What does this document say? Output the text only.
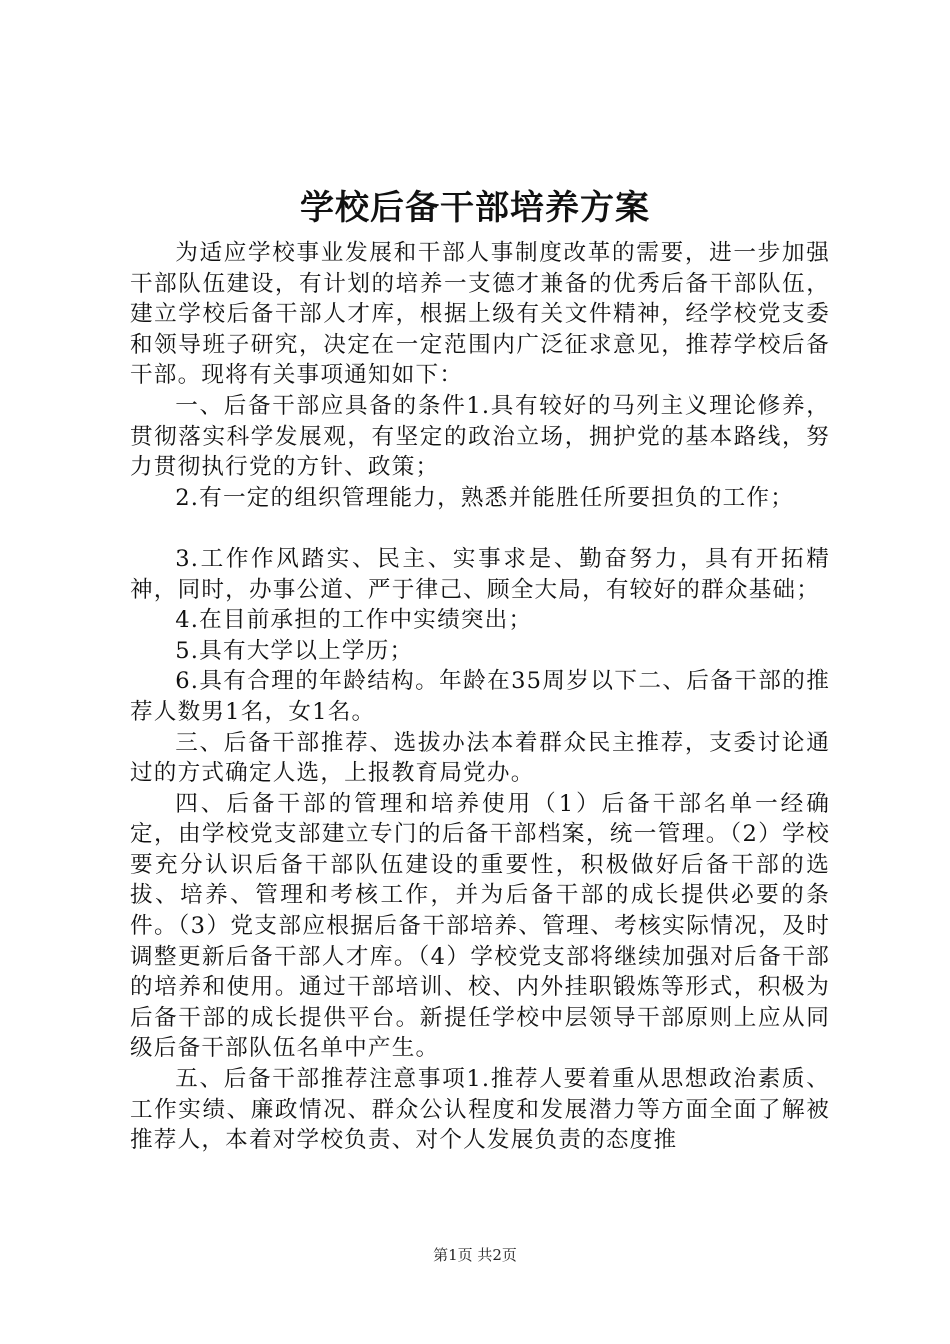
学校后备干部培养方案

为适应学校事业发展和干部人事制度改革的需要，进一步加强干部队伍建设，有计划的培养一支德才兼备的优秀后备干部队伍，建立学校后备干部人才库，根据上级有关文件精神，经学校党支委和领导班子研究，决定在一定范围内广泛征求意见，推荐学校后备干部。现将有关事项通知如下：

一、后备干部应具备的条件1.具有较好的马列主义理论修养，贯彻落实科学发展观，有坚定的政治立场，拥护党的基本路线，努力贯彻执行党的方针、政策；

2.有一定的组织管理能力，熟悉并能胜任所要担负的工作；

3.工作作风踏实、民主、实事求是、勤奋努力，具有开拓精神，同时，办事公道、严于律己、顾全大局，有较好的群众基础；

4.在目前承担的工作中实绩突出；

5.具有大学以上学历；

6.具有合理的年龄结构。年龄在35周岁以下二、后备干部的推荐人数男1名，女1名。

三、后备干部推荐、选拔办法本着群众民主推荐，支委讨论通过的方式确定人选，上报教育局党办。

四、后备干部的管理和培养使用（1）后备干部名单一经确定，由学校党支部建立专门的后备干部档案，统一管理。（2）学校要充分认识后备干部队伍建设的重要性，积极做好后备干部的选拔、培养、管理和考核工作，并为后备干部的成长提供必要的条件。（3）党支部应根据后备干部培养、管理、考核实际情况，及时调整更新后备干部人才库。（4）学校党支部将继续加强对后备干部的培养和使用。通过干部培训、校、内外挂职锻炼等形式，积极为后备干部的成长提供平台。新提任学校中层领导干部原则上应从同级后备干部队伍名单中产生。

五、后备干部推荐注意事项1.推荐人要着重从思想政治素质、工作实绩、廉政情况、群众公认程度和发展潜力等方面全面了解被推荐人，本着对学校负责、对个人发展负责的态度推

第1页 共2页
